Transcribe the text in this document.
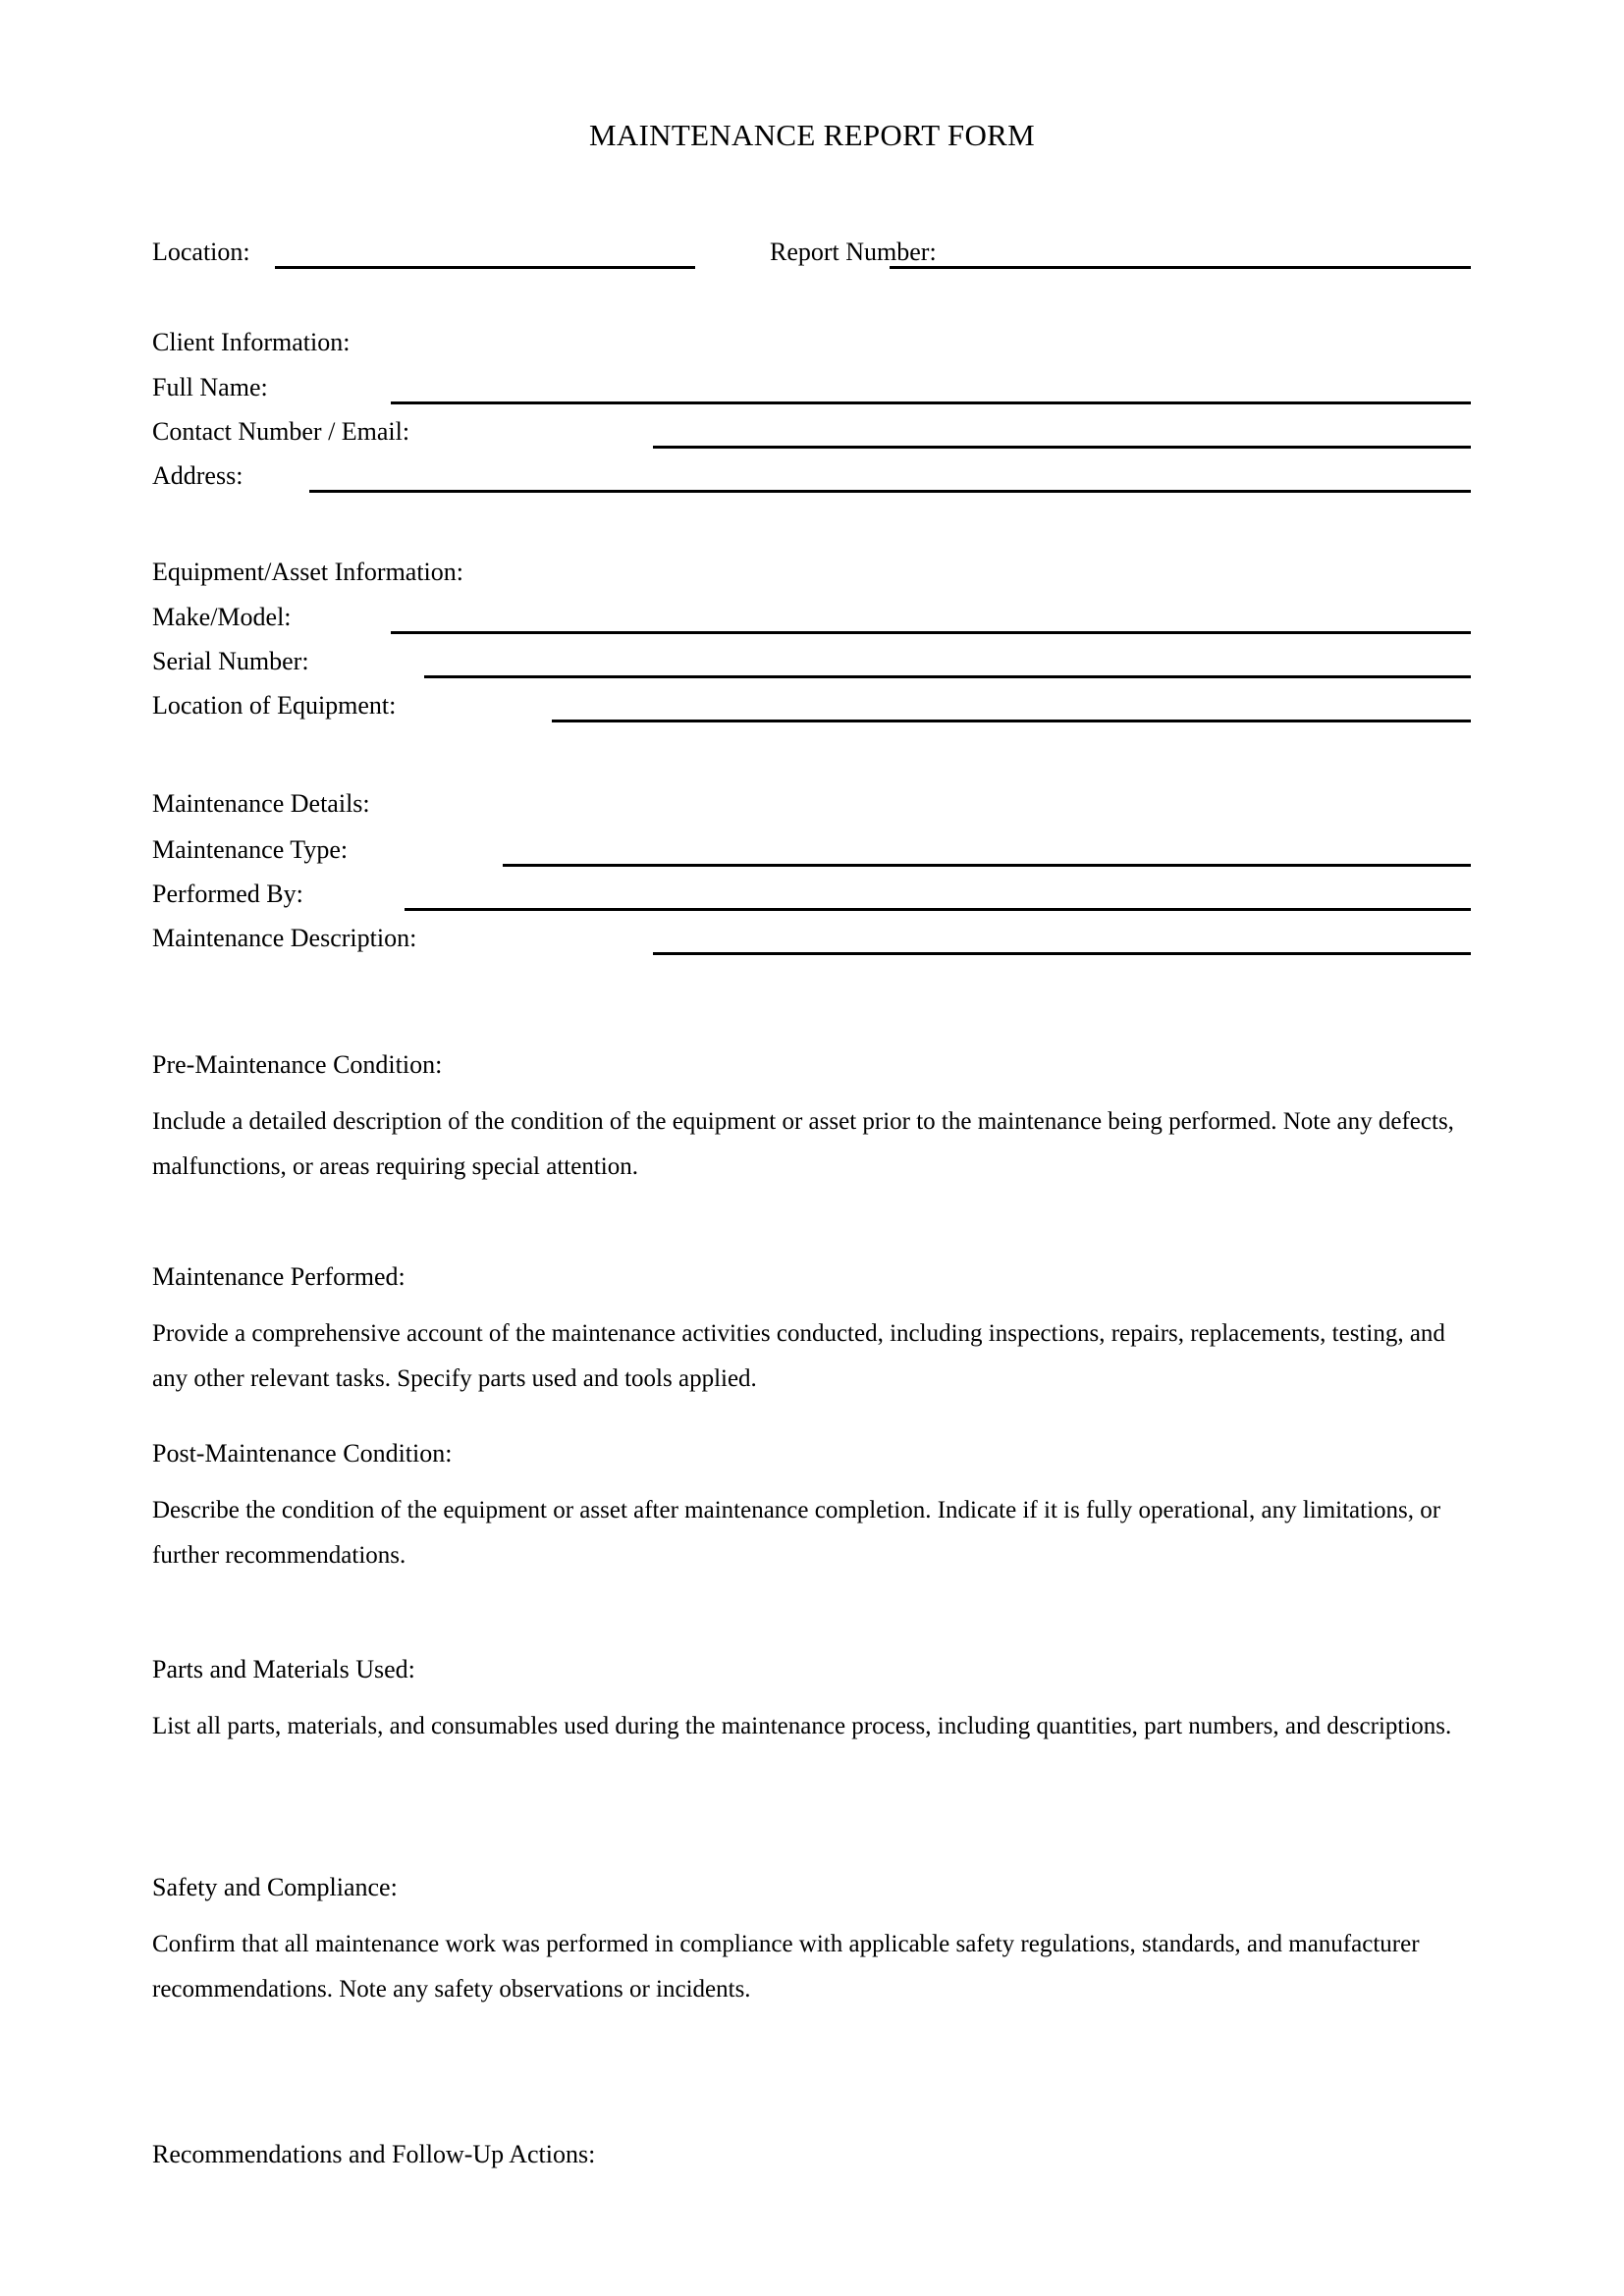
MAINTENANCE REPORT FORM
Location:	Report Number:
Client Information:
Full Name:
Contact Number / Email:
Address:
Equipment/Asset Information:
Make/Model:
Serial Number:
Location of Equipment:
Maintenance Details:
Maintenance Type:
Performed By:
Maintenance Description:
Pre-Maintenance Condition:

Include a detailed description of the condition of the equipment or asset prior to the maintenance being performed. Note any defects, malfunctions, or areas requiring special attention.

Maintenance Performed:

Provide a comprehensive account of the maintenance activities conducted, including inspections, repairs, replacements, testing, and any other relevant tasks. Specify parts used and tools applied.

Post-Maintenance Condition:

Describe the condition of the equipment or asset after maintenance completion. Indicate if it is fully operational, any limitations, or further recommendations.

Parts and Materials Used:

List all parts, materials, and consumables used during the maintenance process, including quantities, part numbers, and descriptions.

Safety and Compliance:

Confirm that all maintenance work was performed in compliance with applicable safety regulations, standards, and manufacturer recommendations. Note any safety observations or incidents.

Recommendations and Follow-Up Actions:
